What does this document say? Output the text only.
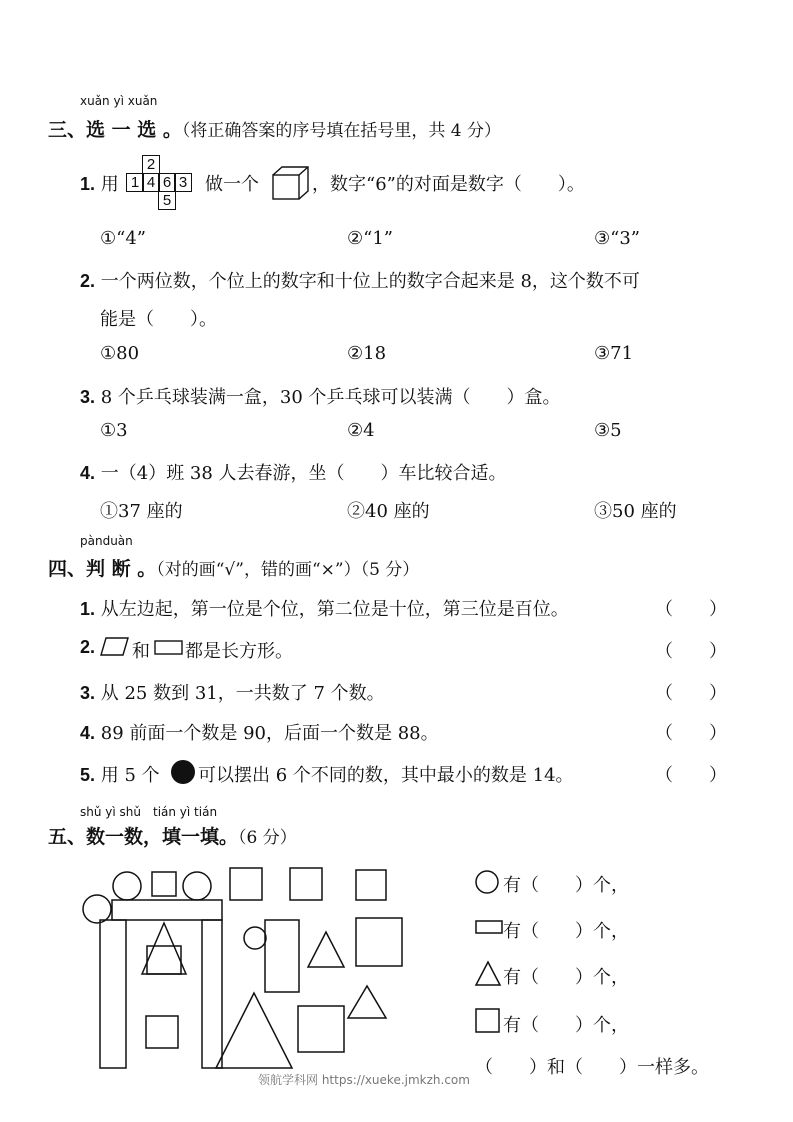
xuǎn yì xuǎn
三、选 一 选 。（将正确答案的序号填在括号里，共 4 分）
1. 用
2
1 4 6 3
5
做一个	，数字“6”的对面是数字（　　）。
①“4”	②“1”	③“3”
2. 一个两位数，个位上的数字和十位上的数字合起来是 8，这个数不可
能是（　　）。
①80	②18	③71
3. 8 个乒乓球装满一盒，30 个乒乓球可以装满（　　）盒。
①3	②4	③5
4. 一（4）班 38 人去春游，坐（　　）车比较合适。
①37 座的	②40 座的	③50 座的
pànduàn
四、判 断 。（对的画“√”，错的画“×”）（5 分）
1. 从左边起，第一位是个位，第二位是十位，第三位是百位。	（　　）
2. 和 都是长方形。	（　　）
3. 从 25 数到 31，一共数了 7 个数。	（　　）
4. 89 前面一个数是 90，后面一个数是 88。	（　　）
5. 用 5 个 可以摆出 6 个不同的数，其中最小的数是 14。	（　　）
shǔ yì shǔ　tián yì tián
五、数一数，填一填。（6 分）
有（　　）个，
有（　　）个，
有（　　）个，
有（　　）个，
（　　）和（　　）一样多。
领航学科网 https://xueke.jmkzh.com
